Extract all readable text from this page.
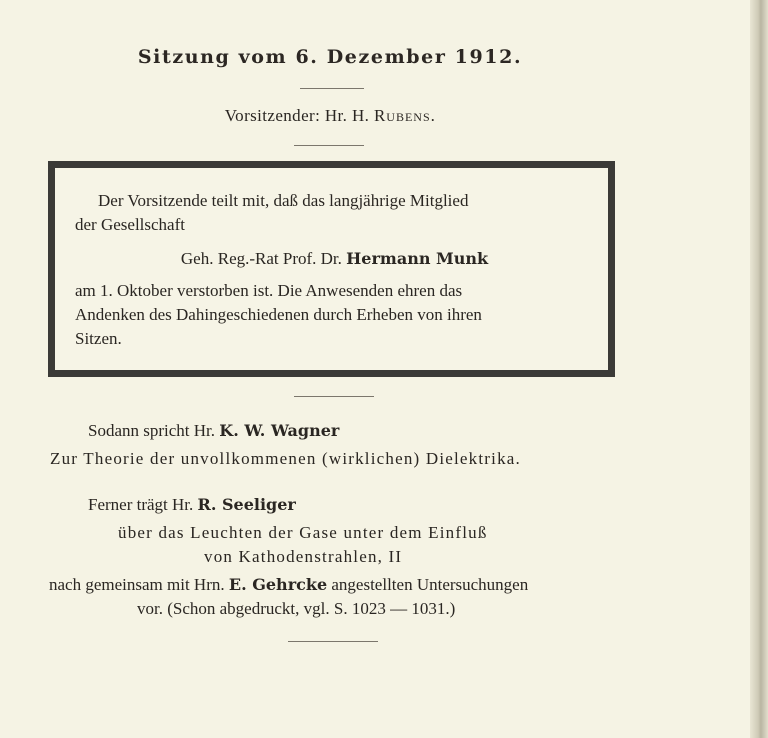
Sitzung vom 6. Dezember 1912.
Vorsitzender: Hr. H. Rubens.
Der Vorsitzende teilt mit, daß das langjährige Mitglied
der Gesellschaft
Geh. Reg.-Rat Prof. Dr. Hermann Munk
am 1. Oktober verstorben ist. Die Anwesenden ehren das
Andenken des Dahingeschiedenen durch Erheben von ihren
Sitzen.
Sodann spricht Hr. K. W. Wagner
Zur Theorie der unvollkommenen (wirklichen) Dielektrika.
Ferner trägt Hr. R. Seeliger
über das Leuchten der Gase unter dem Einfluß
von Kathodenstrahlen, II
nach gemeinsam mit Hrn. E. Gehrcke angestellten Untersuchungen
vor. (Schon abgedruckt, vgl. S. 1023 — 1031.)
